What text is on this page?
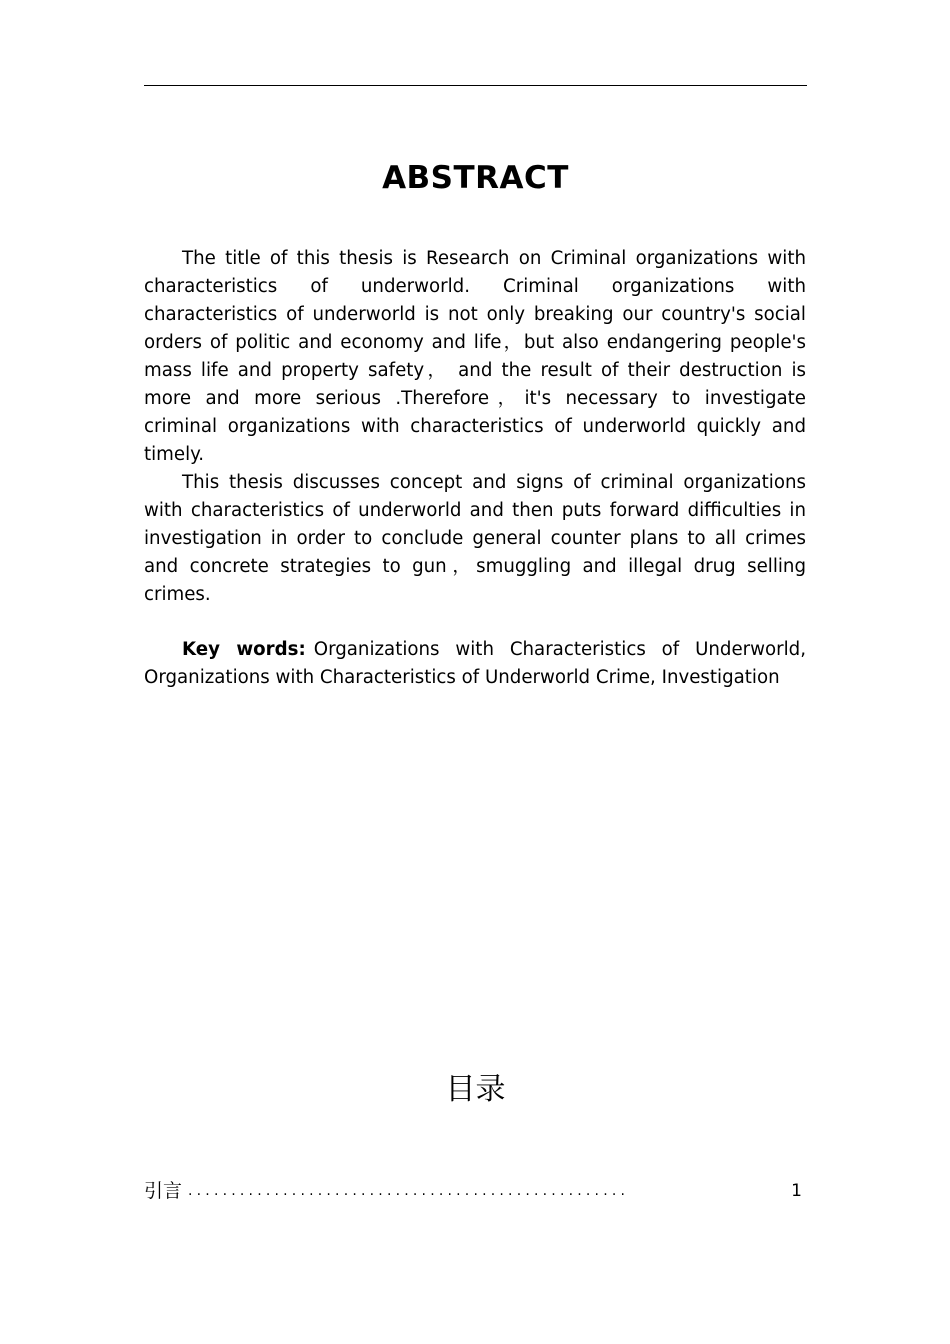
ABSTRACT

The title of this thesis is Research on Criminal organizations with characteristics of underworld. Criminal organizations with characteristics of underworld is not only breaking our country's social orders of politic and economy and life，but also endangering people's mass life and property safety， and the result of their destruction is more and more serious .Therefore，it's necessary to investigate criminal organizations with characteristics of underworld quickly and timely.

This thesis discusses concept and signs of criminal organizations with characteristics of underworld and then puts forward difficulties in investigation in order to conclude general counter plans to all crimes and concrete strategies to gun，smuggling and illegal drug selling crimes.

Key words: Organizations with Characteristics of Underworld, Organizations with Characteristics of Underworld Crime, Investigation

目录
引言 ...................................................	1
